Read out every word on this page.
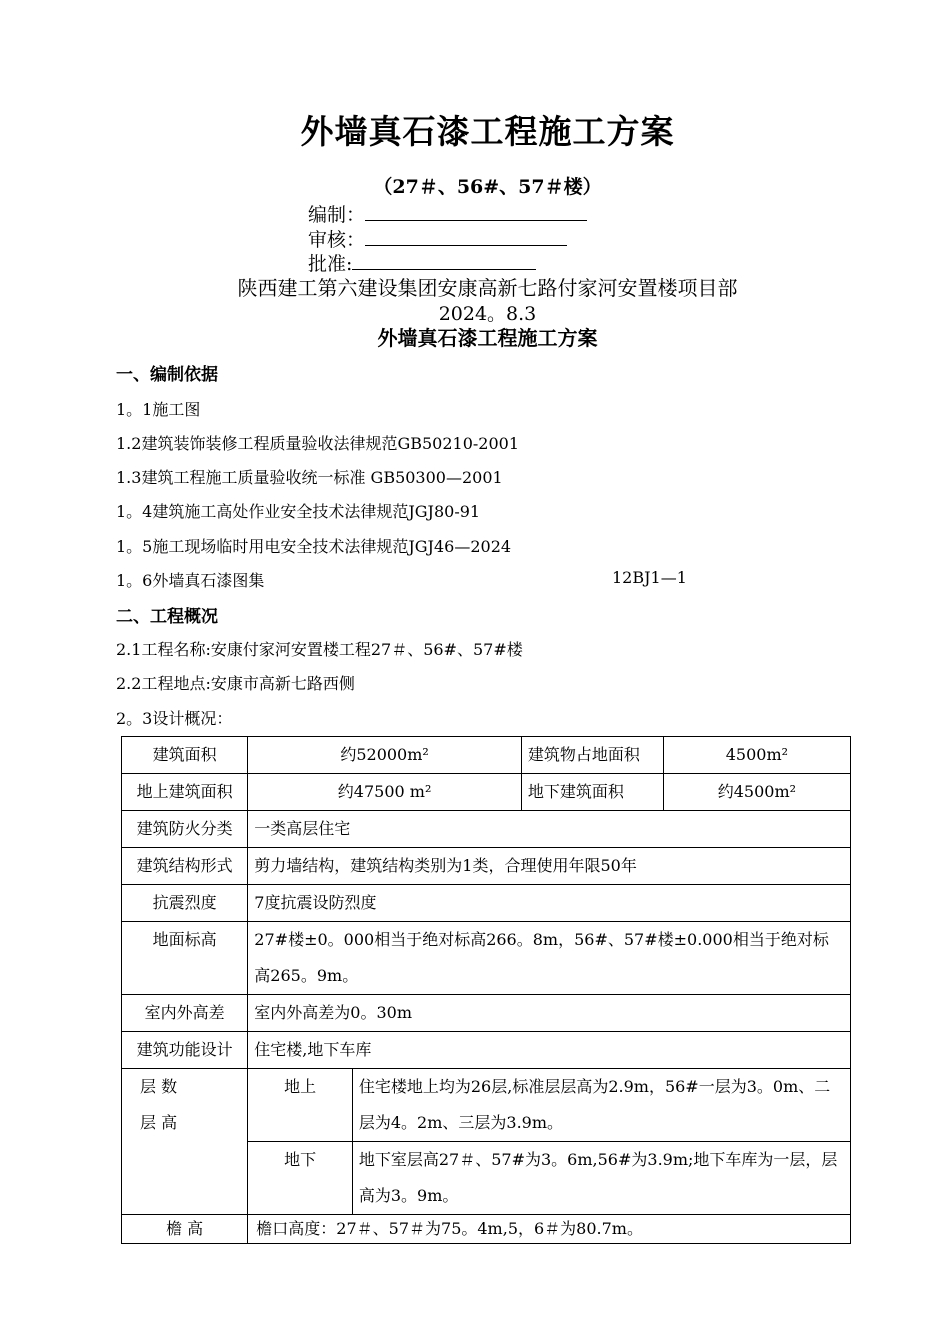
外墙真石漆工程施工方案
（27＃、56#、57＃楼）
编制：
审核：
批准:
陕西建工第六建设集团安康高新七路付家河安置楼项目部
2024。8.3
外墙真石漆工程施工方案
一、编制依据
1。1施工图
1.2建筑装饰装修工程质量验收法律规范GB50210-2001
1.3建筑工程施工质量验收统一标准 GB50300—2001
1。4建筑施工高处作业安全技术法律规范JGJ80-91
1。5施工现场临时用电安全技术法律规范JGJ46—2024
1。6外墙真石漆图集	12BJ1—1
二、工程概况
2.1工程名称:安康付家河安置楼工程27＃、56#、57#楼
2.2工程地点:安康市高新七路西侧
2。3设计概况：
建筑面积	约52000m²		建筑物占地面积	4500m²
地上建筑面积	约47500 m²		地下建筑面积	约4500m²
建筑防火分类	一类高层住宅			
建筑结构形式	剪力墙结构，建筑结构类别为1类，合理使用年限50年			
抗震烈度	7度抗震设防烈度			
地面标高	27#楼±0。000相当于绝对标高266。8m，56#、57#楼±0.000相当于绝对标高265。9m。			
室内外高差	室内外高差为0。30m			
建筑功能设计	住宅楼,地下车库			

层 数
层 高	地上	住宅楼地上均为26层,标准层层高为2.9m，56#一层为3。0m、二层为4。2m、三层为3.9m。		
	地下	地下室层高27＃、57#为3。6m,56#为3.9m;地下车库为一层，层高为3。9m。		
檐 高	檐口高度：27＃、57＃为75。4m,5，6＃为80.7m。			
